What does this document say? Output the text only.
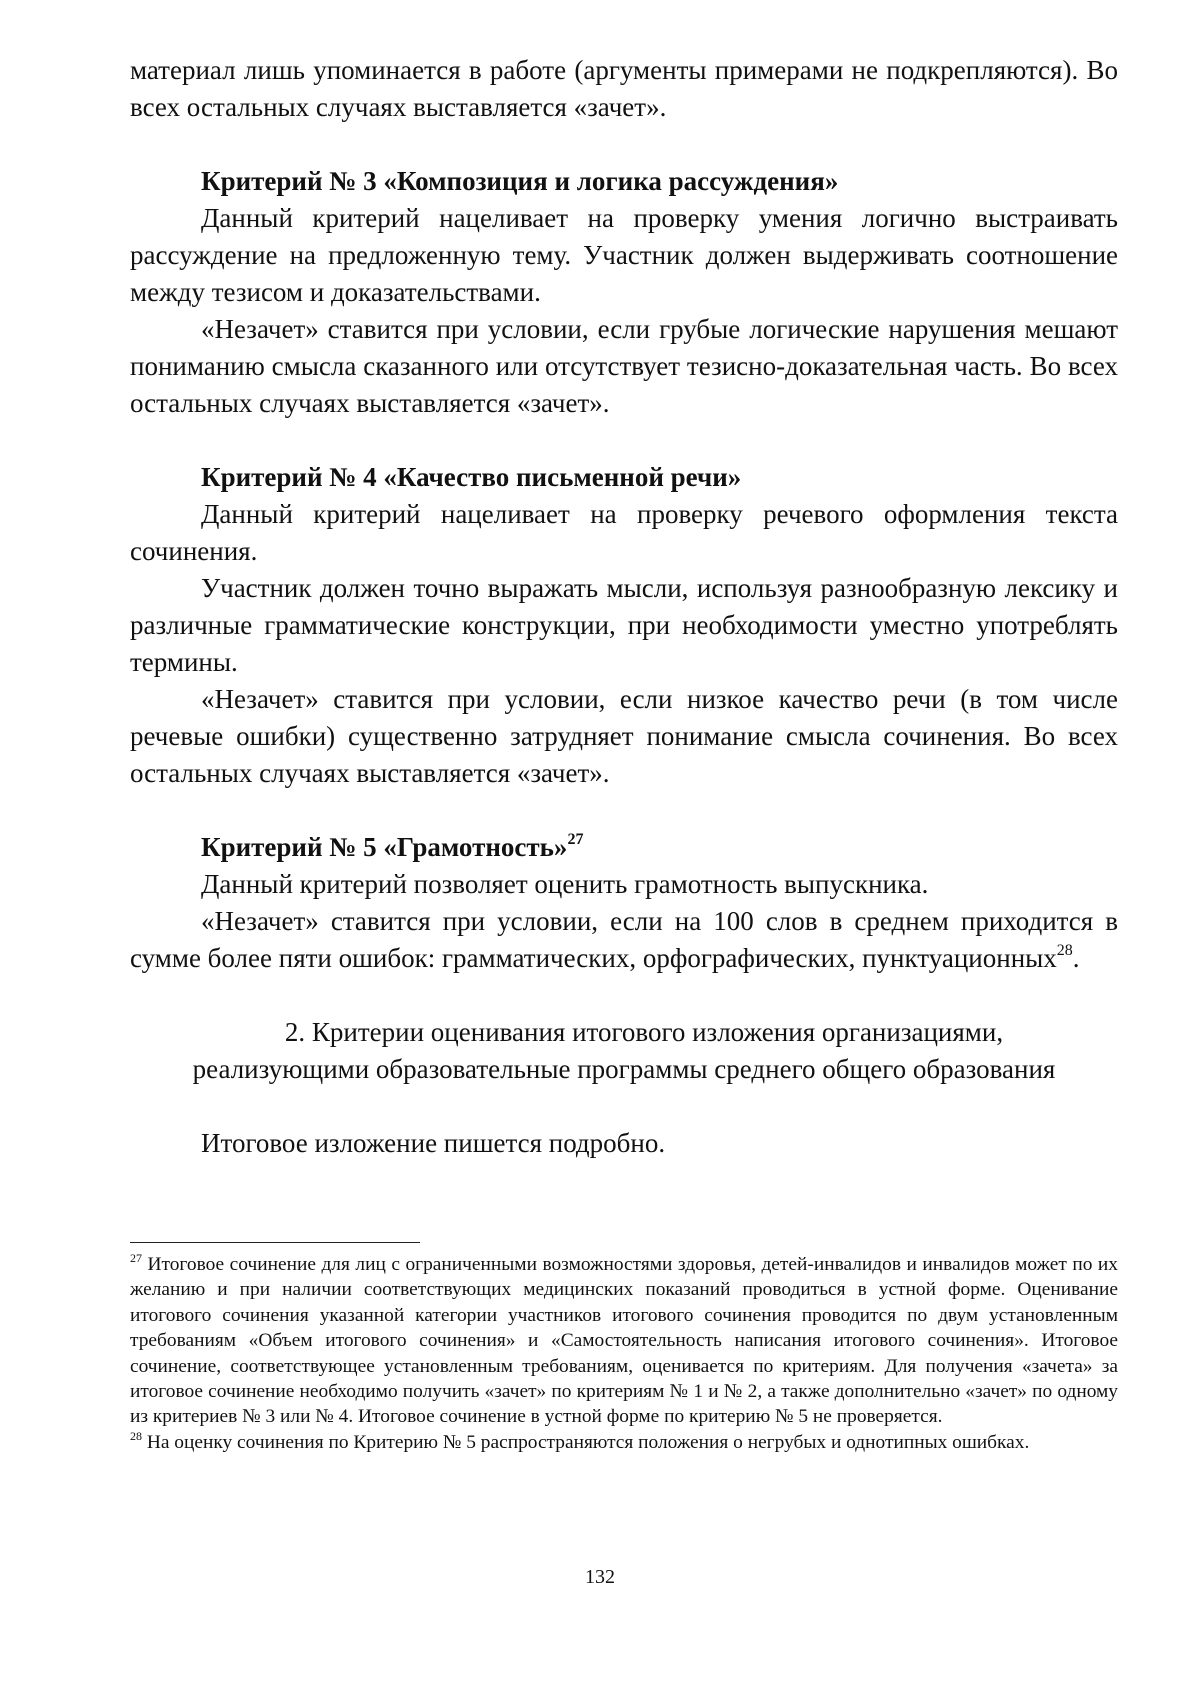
материал лишь упоминается в работе (аргументы примерами не подкрепляются). Во всех остальных случаях выставляется «зачет».

Критерий № 3 «Композиция и логика рассуждения»

Данный критерий нацеливает на проверку умения логично выстраивать рассуждение на предложенную тему. Участник должен выдерживать соотношение между тезисом и доказательствами.

«Незачет» ставится при условии, если грубые логические нарушения мешают пониманию смысла сказанного или отсутствует тезисно-доказательная часть. Во всех остальных случаях выставляется «зачет».

Критерий № 4 «Качество письменной речи»

Данный критерий нацеливает на проверку речевого оформления текста сочинения.

Участник должен точно выражать мысли, используя разнообразную лексику и различные грамматические конструкции, при необходимости уместно употреблять термины.

«Незачет» ставится при условии, если низкое качество речи (в том числе речевые ошибки) существенно затрудняет понимание смысла сочинения. Во всех остальных случаях выставляется «зачет».

Критерий № 5 «Грамотность»$^{27}$

Данный критерий позволяет оценить грамотность выпускника.

«Незачет» ставится при условии, если на 100 слов в среднем приходится в сумме более пяти ошибок: грамматических, орфографических, пунктуационных$^{28}$.

2. Критерии оценивания итогового изложения организациями,
реализующими образовательные программы среднего общего образования

Итоговое изложение пишется подробно.

$^{27}$ Итоговое сочинение для лиц с ограниченными возможностями здоровья, детей-инвалидов и инвалидов может по их желанию и при наличии соответствующих медицинских показаний проводиться в устной форме. Оценивание итогового сочинения указанной категории участников итогового сочинения проводится по двум установленным требованиям «Объем итогового сочинения» и «Самостоятельность написания итогового сочинения». Итоговое сочинение, соответствующее установленным требованиям, оценивается по критериям. Для получения «зачета» за итоговое сочинение необходимо получить «зачет» по критериям № 1 и № 2, а также дополнительно «зачет» по одному из критериев № 3 или № 4. Итоговое сочинение в устной форме по критерию № 5 не проверяется.

$^{28}$ На оценку сочинения по Критерию № 5 распространяются положения о негрубых и однотипных ошибках.

132
